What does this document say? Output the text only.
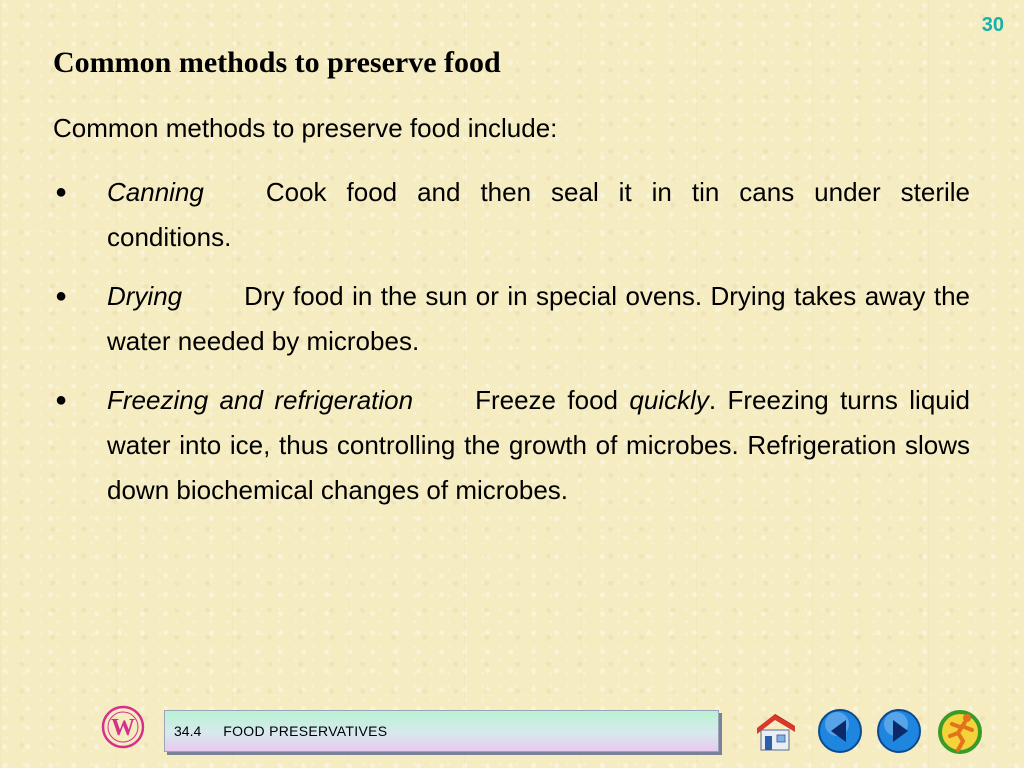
30
Common methods to preserve food

Common methods to preserve food include:

● Canning Cook food and then seal it in tin cans under sterile conditions.
● Drying Dry food in the sun or in special ovens. Drying takes away the water needed by microbes.
● Freezing and refrigeration Freeze food quickly. Freezing turns liquid water into ice, thus controlling the growth of microbes. Refrigeration slows down biochemical changes of microbes.
W	34.4 FOOD PRESERVATIVES
